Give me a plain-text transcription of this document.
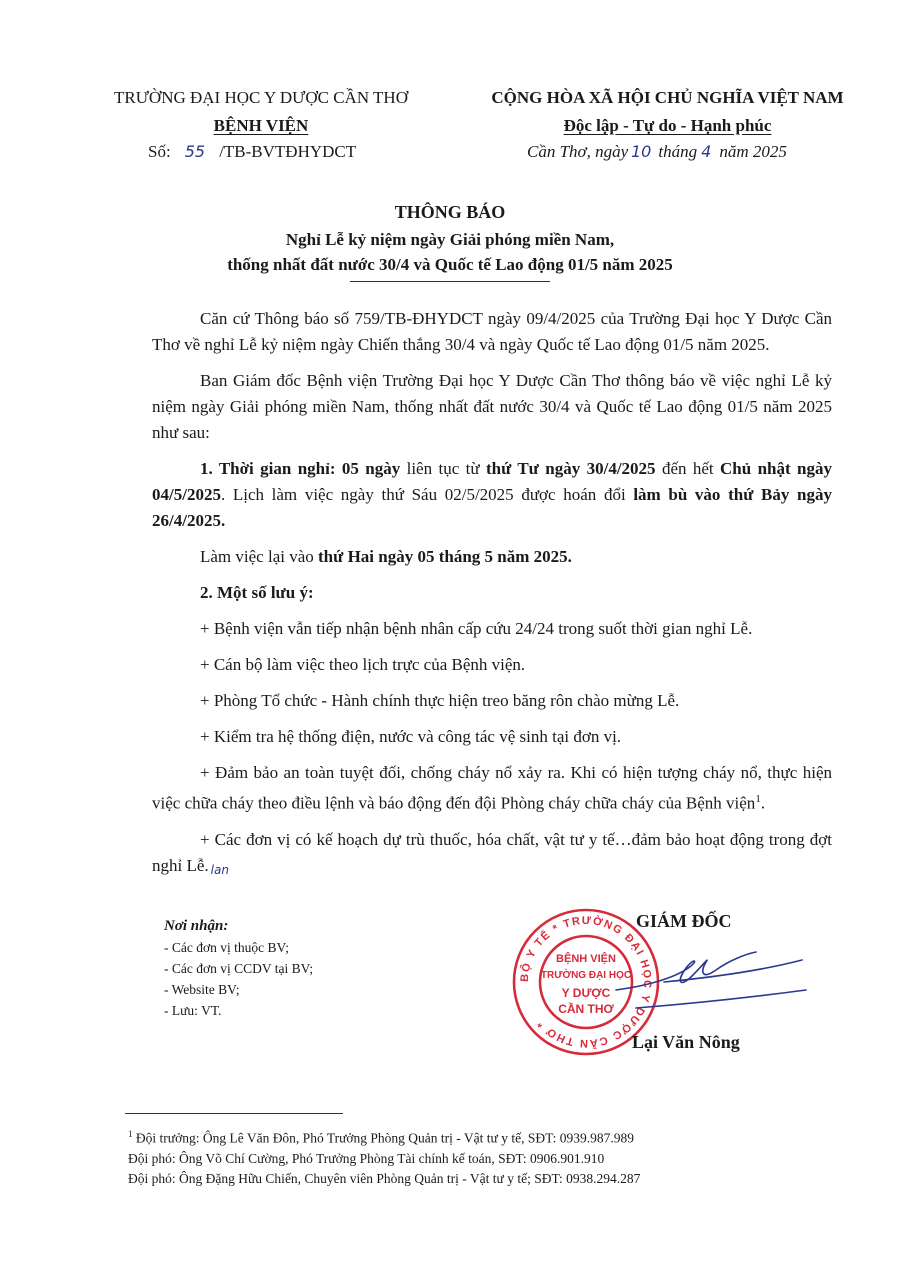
TRƯỜNG ĐẠI HỌC Y DƯỢC CẦN THƠ
BỆNH VIỆN
CỘNG HÒA XÃ HỘI CHỦ NGHĨA VIỆT NAM
Độc lập - Tự do - Hạnh phúc
Số: 55 /TB-BVTĐHYDCT	Cần Thơ, ngày 10 tháng 4 năm 2025
THÔNG BÁO
Nghỉ Lễ kỷ niệm ngày Giải phóng miền Nam,
thống nhất đất nước 30/4 và Quốc tế Lao động 01/5 năm 2025

Căn cứ Thông báo số 759/TB-ĐHYDCT ngày 09/4/2025 của Trường Đại học Y Dược Cần Thơ về nghỉ Lễ kỷ niệm ngày Chiến thắng 30/4 và ngày Quốc tế Lao động 01/5 năm 2025.

Ban Giám đốc Bệnh viện Trường Đại học Y Dược Cần Thơ thông báo về việc nghỉ Lễ kỷ niệm ngày Giải phóng miền Nam, thống nhất đất nước 30/4 và Quốc tế Lao động 01/5 năm 2025 như sau:

1. Thời gian nghỉ: 05 ngày liên tục từ thứ Tư ngày 30/4/2025 đến hết Chủ nhật ngày 04/5/2025. Lịch làm việc ngày thứ Sáu 02/5/2025 được hoán đổi làm bù vào thứ Bảy ngày 26/4/2025.

Làm việc lại vào thứ Hai ngày 05 tháng 5 năm 2025.

2. Một số lưu ý:

+ Bệnh viện vẫn tiếp nhận bệnh nhân cấp cứu 24/24 trong suốt thời gian nghỉ Lễ.

+ Cán bộ làm việc theo lịch trực của Bệnh viện.

+ Phòng Tổ chức - Hành chính thực hiện treo băng rôn chào mừng Lễ.

+ Kiểm tra hệ thống điện, nước và công tác vệ sinh tại đơn vị.

+ Đảm bảo an toàn tuyệt đối, chống cháy nổ xảy ra. Khi có hiện tượng cháy nổ, thực hiện việc chữa cháy theo điều lệnh và báo động đến đội Phòng cháy chữa cháy của Bệnh viện$^1$.

+ Các đơn vị có kế hoạch dự trù thuốc, hóa chất, vật tư y tế…đảm bảo hoạt động trong đợt nghỉ Lễ. lan

Nơi nhận:
- Các đơn vị thuộc BV;
- Các đơn vị CCDV tại BV;
- Website BV;
- Lưu: VT.
BỘ Y TẾ * TRƯỜNG ĐẠI HỌC Y DƯỢC CẦN THƠ *
BỆNH VIỆN
TRƯỜNG ĐẠI HỌC
Y DƯỢC
CẦN THƠ
GIÁM ĐỐC
Lại Văn Nông
$^1$ Đội trưởng: Ông Lê Văn Đôn, Phó Trưởng Phòng Quản trị - Vật tư y tế, SĐT: 0939.987.989
Đội phó: Ông Võ Chí Cường, Phó Trưởng Phòng Tài chính kế toán, SĐT: 0906.901.910
Đội phó: Ông Đặng Hữu Chiến, Chuyên viên Phòng Quản trị - Vật tư y tế; SĐT: 0938.294.287
